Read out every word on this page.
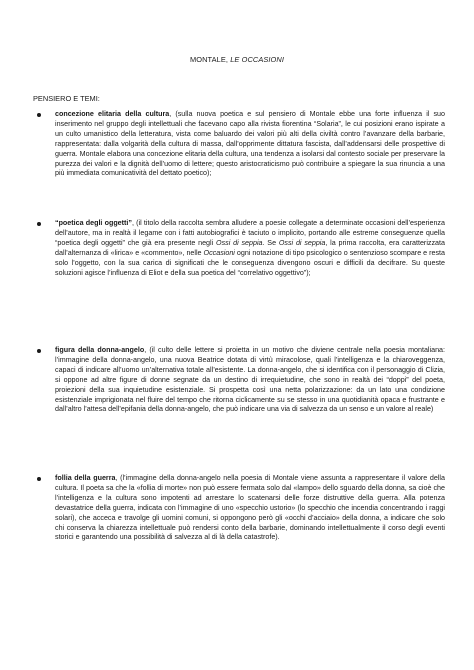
MONTALE, LE OCCASIONI
PENSIERO E TEMI:

concezione elitaria della cultura, (sulla nuova poetica e sul pensiero di Montale ebbe una forte influenza il suo inserimento nel gruppo degli intellettuali che facevano capo alla rivista fiorentina “Solaria”, le cui posizioni erano ispirate a un culto umanistico della letteratura, vista come baluardo dei valori più alti della civiltà contro l’avanzare della barbarie, rappresentata: dalla volgarità della cultura di massa, dall’opprimente dittatura fascista, dall’addensarsi delle prospettive di guerra. Montale elabora una concezione elitaria della cultura, una tendenza a isolarsi dal contesto sociale per preservare la purezza dei valori e la dignità dell’uomo di lettere; questo aristocraticismo può contribuire a spiegare la sua rinuncia a una più immediata comunicatività del dettato poetico);

“poetica degli oggetti”, (il titolo della raccolta sembra alludere a poesie collegate a determinate occasioni dell’esperienza dell’autore, ma in realtà il legame con i fatti autobiografici è taciuto o implicito, portando alle estreme conseguenze quella “poetica degli oggetti” che già era presente negli Ossi di seppia. Se Ossi di seppia, la prima raccolta, era caratterizzata dall’alternanza di «lirica» e «commento», nelle Occasioni ogni notazione di tipo psicologico o sentenzioso scompare e resta solo l’oggetto, con la sua carica di significati che le conseguenza divengono oscuri e difficili da decifrare. Su queste soluzioni agisce l’influenza di Eliot e della sua poetica del “correlativo oggettivo”);

figura della donna-angelo, (il culto delle lettere si proietta in un motivo che diviene centrale nella poesia montaliana: l’immagine della donna-angelo, una nuova Beatrice dotata di virtù miracolose, quali l’intelligenza e la chiaroveggenza, capaci di indicare all’uomo un’alternativa totale all’esistente. La donna-angelo, che si identifica con il personaggio di Clizia, si oppone ad altre figure di donne segnate da un destino di irrequietudine, che sono in realtà dei “doppi” del poeta, proiezioni della sua inquietudine esistenziale. Si prospetta così una netta polarizzazione: da un lato una condizione esistenziale imprigionata nel fluire del tempo che ritorna ciclicamente su se stesso in una quotidianità opaca e frustrante e dall’altro l’attesa dell’epifania della donna-angelo, che può indicare una via di salvezza da un senso e un valore al reale)

follia della guerra, (l’immagine della donna-angelo nella poesia di Montale viene assunta a rappresentare il valore della cultura. Il poeta sa che la «follia di morte» non può essere fermata solo dal «lampo» dello sguardo della donna, sa cioè che l’intelligenza e la cultura sono impotenti ad arrestare lo scatenarsi delle forze distruttive della guerra. Alla potenza devastatrice della guerra, indicata con l’immagine di uno «specchio ustorio» (lo specchio che incendia concentrando i raggi solari), che acceca e travolge gli uomini comuni, si oppongono però gli «occhi d’acciaio» della donna, a indicare che solo chi conserva la chiarezza intellettuale può rendersi conto della barbarie, dominando intellettualmente il corso degli eventi storici e garantendo una possibilità di salvezza al di là della catastrofe).
